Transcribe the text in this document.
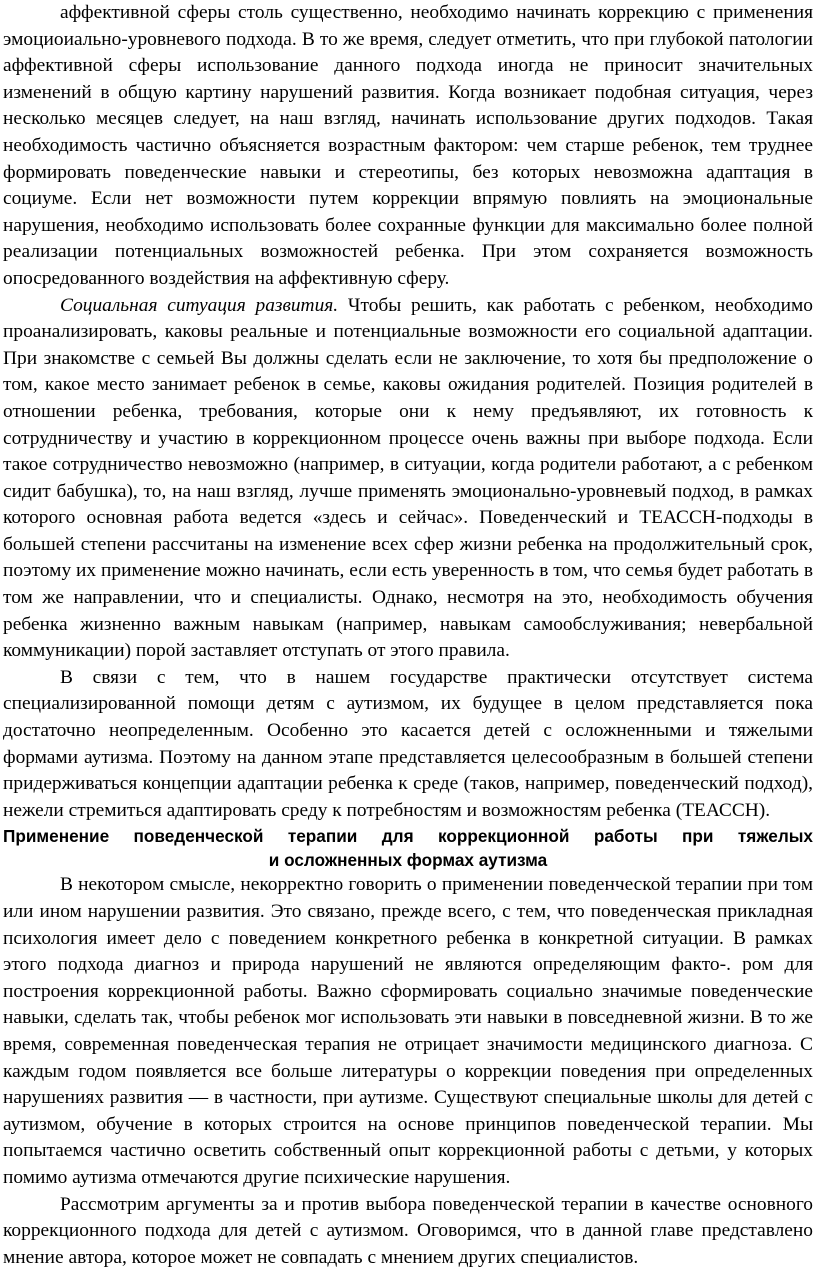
аффективной сферы столь существенно, необходимо начинать коррекцию с применения эмоциоиально-уровневого подхода. В то же время, следует отметить, что при глубокой патологии аффективной сферы использование данного подхода иногда не приносит значительных изменений в общую картину нарушений развития. Когда возникает подобная ситуация, через несколько месяцев следует, на наш взгляд, начинать использование других подходов. Такая необходимость частично объясняется возрастным фактором: чем старше ребенок, тем труднее формировать поведенческие навыки и стереотипы, без которых невозможна адаптация в социуме. Если нет возможности путем коррекции впрямую повлиять на эмоциональные нарушения, необходимо использовать более сохранные функции для максимально более полной реализации потенциальных возможностей ребенка. При этом сохраняется возможность опосредованного воздействия на аффективную сферу.

Социальная ситуация развития. Чтобы решить, как работать с ребенком, необходимо проанализировать, каковы реальные и потенциальные возможности его социальной адаптации. При знакомстве с семьей Вы должны сделать если не заключение, то хотя бы предположение о том, какое место занимает ребенок в семье, каковы ожидания родителей. Позиция родителей в отношении ребенка, требования, которые они к нему предъявляют, их готовность к сотрудничеству и участию в коррекционном процессе очень важны при выборе подхода. Если такое сотрудничество невозможно (например, в ситуации, когда родители работают, а с ребенком сидит бабушка), то, на наш взгляд, лучше применять эмоционально-уровневый подход, в рамках которого основная работа ведется «здесь и сейчас». Поведенческий и ТЕАССН-подходы в большей степени рассчитаны на изменение всех сфер жизни ребенка на продолжительный срок, поэтому их применение можно начинать, если есть уверенность в том, что семья будет работать в том же направлении, что и специалисты. Однако, несмотря на это, необходимость обучения ребенка жизненно важным навыкам (например, навыкам самообслуживания; невербальной коммуникации) порой заставляет отступать от этого правила.

В связи с тем, что в нашем государстве практически отсутствует система специализированной помощи детям с аутизмом, их будущее в целом представляется пока достаточно неопределенным. Особенно это касается детей с осложненными и тяжелыми формами аутизма. Поэтому на данном этапе представляется целесообразным в большей степени придерживаться концепции адаптации ребенка к среде (таков, например, поведенческий подход), нежели стремиться адаптировать среду к потребностям и возможностям ребенка (ТЕАССН).

Применение поведенческой терапии для коррекционной работы при тяжелых
и осложненных формах аутизма

В некотором смысле, некорректно говорить о применении поведенческой терапии при том или ином нарушении развития. Это связано, прежде всего, с тем, что поведенческая прикладная психология имеет дело с поведением конкретного ребенка в конкретной ситуации. В рамках этого подхода диагноз и природа нарушений не являются определяющим факто-. ром для построения коррекционной работы. Важно сформировать социально значимые поведенческие навыки, сделать так, чтобы ребенок мог использовать эти навыки в повседневной жизни. В то же время, современная поведенческая терапия не отрицает значимости медицинского диагноза. С каждым годом появляется все больше литературы о коррекции поведения при определенных нарушениях развития — в частности, при аутизме. Существуют специальные школы для детей с аутизмом, обучение в которых строится на основе принципов поведенческой терапии. Мы попытаемся частично осветить собственный опыт коррекционной работы с детьми, у которых помимо аутизма отмечаются другие психические нарушения.

Рассмотрим аргументы за и против выбора поведенческой терапии в качестве основного коррекционного подхода для детей с аутизмом. Оговоримся, что в данной главе представлено мнение автора, которое может не совпадать с мнением других специалистов.
